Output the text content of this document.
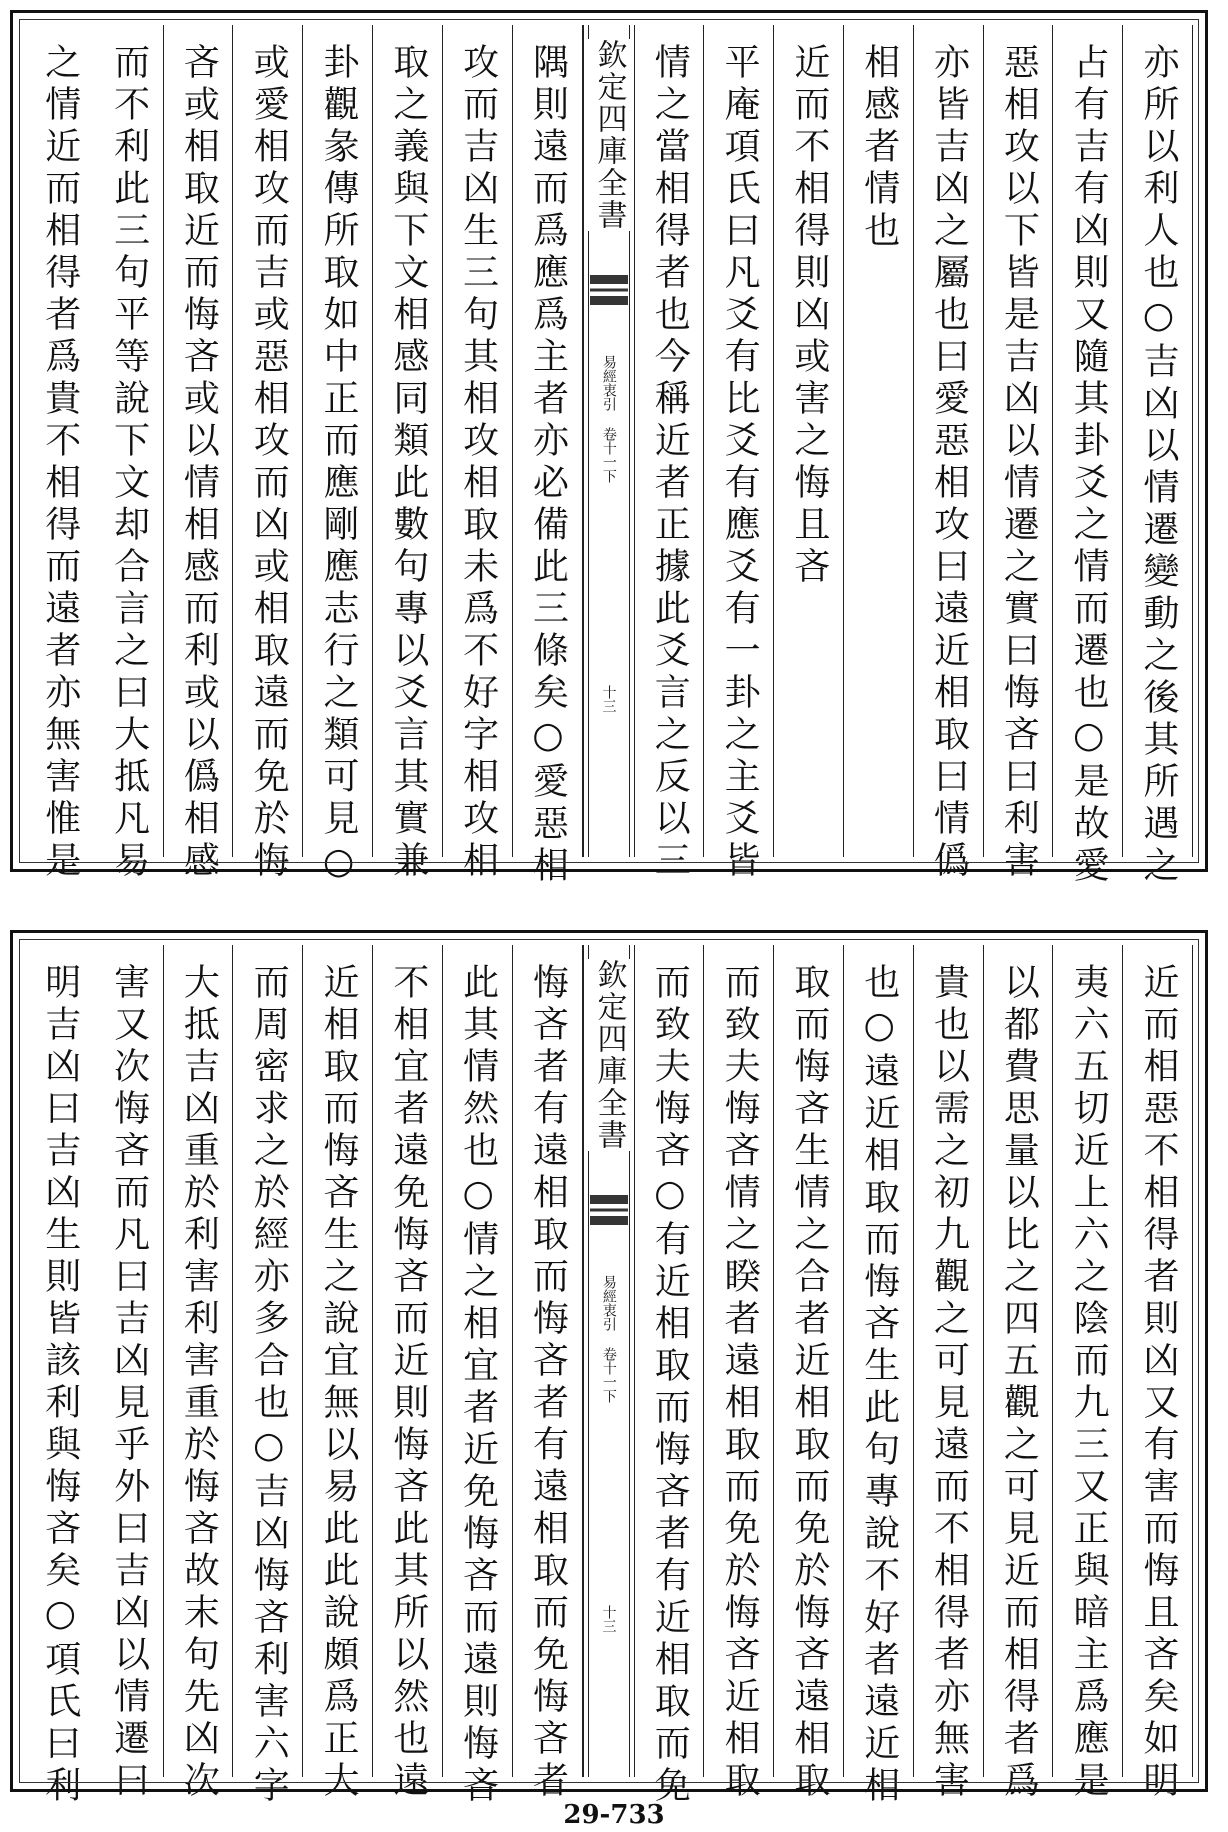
亦所以利人也○吉凶以情遷變動之後其所遇之
占有吉有凶則又隨其卦爻之情而遷也○是故愛
惡相攻以下皆是吉凶以情遷之實曰悔吝曰利害
亦皆吉凶之屬也曰愛惡相攻曰遠近相取曰情僞
相感者情也
近而不相得則凶或害之悔且吝
平庵項氏曰凡爻有比爻有應爻有一卦之主爻皆
情之當相得者也今稱近者正據此爻言之反以三
欽定四庫全書
易經衷引 卷十一下
十三
隅則遠而爲應爲主者亦必備此三條矣○愛惡相
攻而吉凶生三句其相攻相取未爲不好字相攻相
取之義與下文相感同類此數句專以爻言其實兼
卦觀彖傳所取如中正而應剛應志行之類可見○
或愛相攻而吉或惡相攻而凶或相取遠而免於悔
吝或相取近而悔吝或以情相感而利或以僞相感
而不利此三句平等說下文却合言之曰大抵凡易
之情近而相得者爲貴不相得而遠者亦無害惟是
近而相惡不相得者則凶又有害而悔且吝矣如明
夷六五切近上六之陰而九三又正與暗主爲應是
以都費思量以比之四五觀之可見近而相得者爲
貴也以需之初九觀之可見遠而不相得者亦無害
也○遠近相取而悔吝生此句專說不好者遠近相
取而悔吝生情之合者近相取而免於悔吝遠相取
而致夫悔吝情之睽者遠相取而免於悔吝近相取
而致夫悔吝○有近相取而悔吝者有近相取而免
欽定四庫全書
易經衷引 卷十一下
十三
悔吝者有遠相取而悔吝者有遠相取而免悔吝者
此其情然也○情之相宜者近免悔吝而遠則悔吝
不相宜者遠免悔吝而近則悔吝此其所以然也遠
近相取而悔吝生之說宜無以易此此說頗爲正大
而周密求之於經亦多合也○吉凶悔吝利害六字
大抵吉凶重於利害利害重於悔吝故末句先凶次
害又次悔吝而凡曰吉凶見乎外曰吉凶以情遷曰
明吉凶曰吉凶生則皆該利與悔吝矣○項氏曰利
29-733
